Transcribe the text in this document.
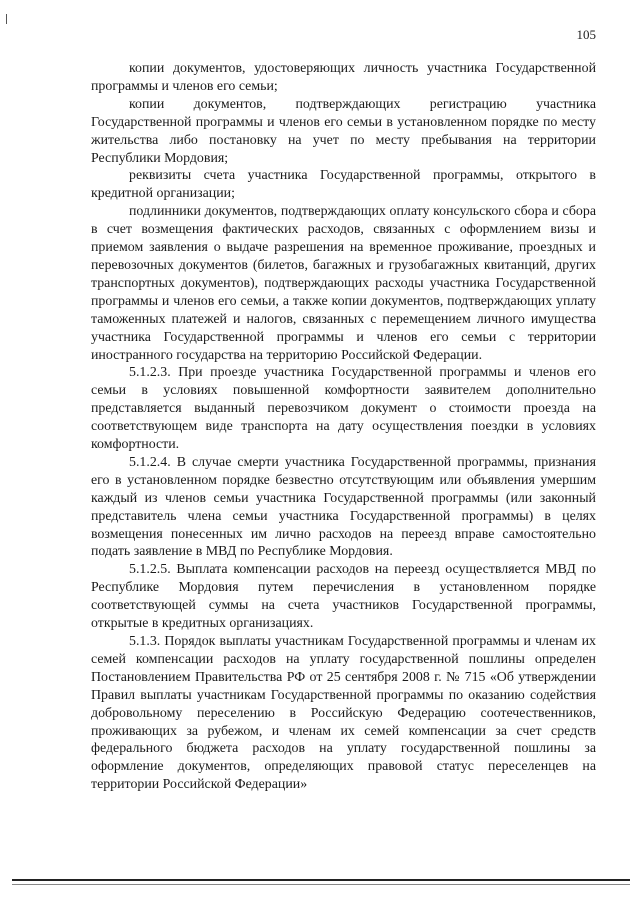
105

копии документов, удостоверяющих личность участника Государственной программы и членов его семьи;

копии документов, подтверждающих регистрацию участника Государственной программы и членов его семьи в установленном порядке по месту жительства либо постановку на учет по месту пребывания на территории Республики Мордовия;

реквизиты счета участника Государственной программы, открытого в кредитной организации;

подлинники документов, подтверждающих оплату консульского сбора и сбора в счет возмещения фактических расходов, связанных с оформлением визы и приемом заявления о выдаче разрешения на временное проживание, проездных и перевозочных документов (билетов, багажных и грузобагажных квитанций, других транспортных документов), подтверждающих расходы участника Государственной программы и членов его семьи, а также копии документов, подтверждающих уплату таможенных платежей и налогов, связанных с перемещением личного имущества участника Государственной программы и членов его семьи с территории иностранного государства на территорию Российской Федерации.

5.1.2.3. При проезде участника Государственной программы и членов его семьи в условиях повышенной комфортности заявителем дополнительно представляется выданный перевозчиком документ о стоимости проезда на соответствующем виде транспорта на дату осуществления поездки в условиях комфортности.

5.1.2.4. В случае смерти участника Государственной программы, признания его в установленном порядке безвестно отсутствующим или объявления умершим каждый из членов семьи участника Государственной программы (или законный представитель члена семьи участника Государственной программы) в целях возмещения понесенных им лично расходов на переезд вправе самостоятельно подать заявление в МВД по Республике Мордовия.

5.1.2.5. Выплата компенсации расходов на переезд осуществляется МВД по Республике Мордовия путем перечисления в установленном порядке соответствующей суммы на счета участников Государственной программы, открытые в кредитных организациях.

5.1.3. Порядок выплаты участникам Государственной программы и членам их семей компенсации расходов на уплату государственной пошлины определен Постановлением Правительства РФ от 25 сентября 2008 г. № 715 «Об утверждении Правил выплаты участникам Государственной программы по оказанию содействия добровольному переселению в Российскую Федерацию соотечественников, проживающих за рубежом, и членам их семей компенсации за счет средств федерального бюджета расходов на уплату государственной пошлины за оформление документов, определяющих правовой статус переселенцев на территории Российской Федерации»
